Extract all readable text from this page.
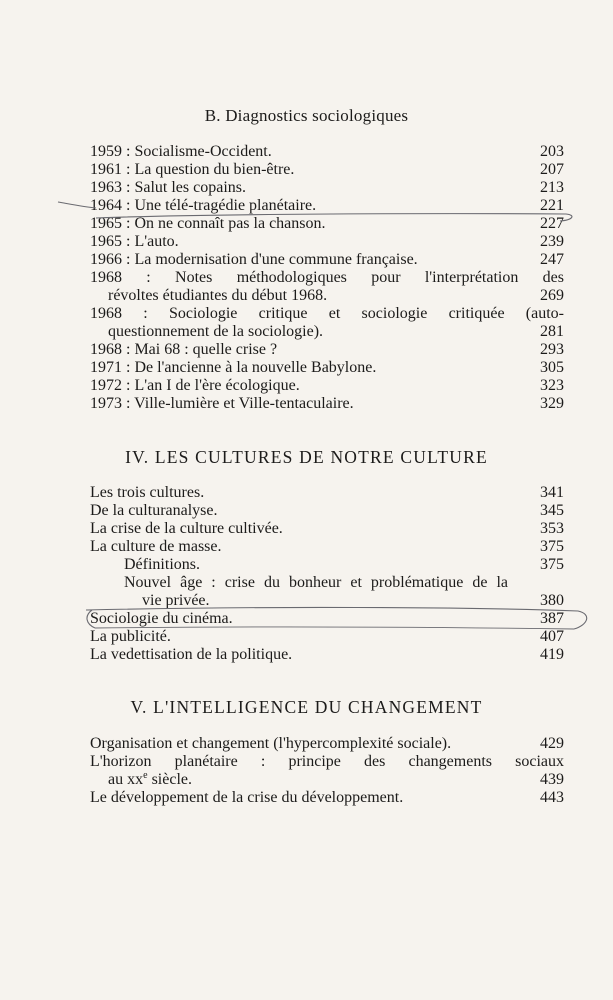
B. Diagnostics sociologiques
1959 : Socialisme-Occident.	203
1961 : La question du bien-être.	207
1963 : Salut les copains.	213
1964 : Une télé-tragédie planétaire.	221
1965 : On ne connaît pas la chanson.	227
1965 : L'auto.	239
1966 : La modernisation d'une commune française.	247
1968 : Notes méthodologiques pour l'interprétation des
révoltes étudiantes du début 1968.	269
1968 : Sociologie critique et sociologie critiquée (auto-
questionnement de la sociologie).	281
1968 : Mai 68 : quelle crise ?	293
1971 : De l'ancienne à la nouvelle Babylone.	305
1972 : L'an I de l'ère écologique.	323
1973 : Ville-lumière et Ville-tentaculaire.	329
IV. LES CULTURES DE NOTRE CULTURE
Les trois cultures.	341
De la culturanalyse.	345
La crise de la culture cultivée.	353
La culture de masse.	375
Définitions.	375
Nouvel âge : crise du bonheur et problématique de la
vie privée.	380
Sociologie du cinéma.	387
La publicité.	407
La vedettisation de la politique.	419
V. L'INTELLIGENCE DU CHANGEMENT
Organisation et changement (l'hypercomplexité sociale).	429
L'horizon planétaire : principe des changements sociaux
au $xx^e$ siècle.	439
Le développement de la crise du développement.	443
